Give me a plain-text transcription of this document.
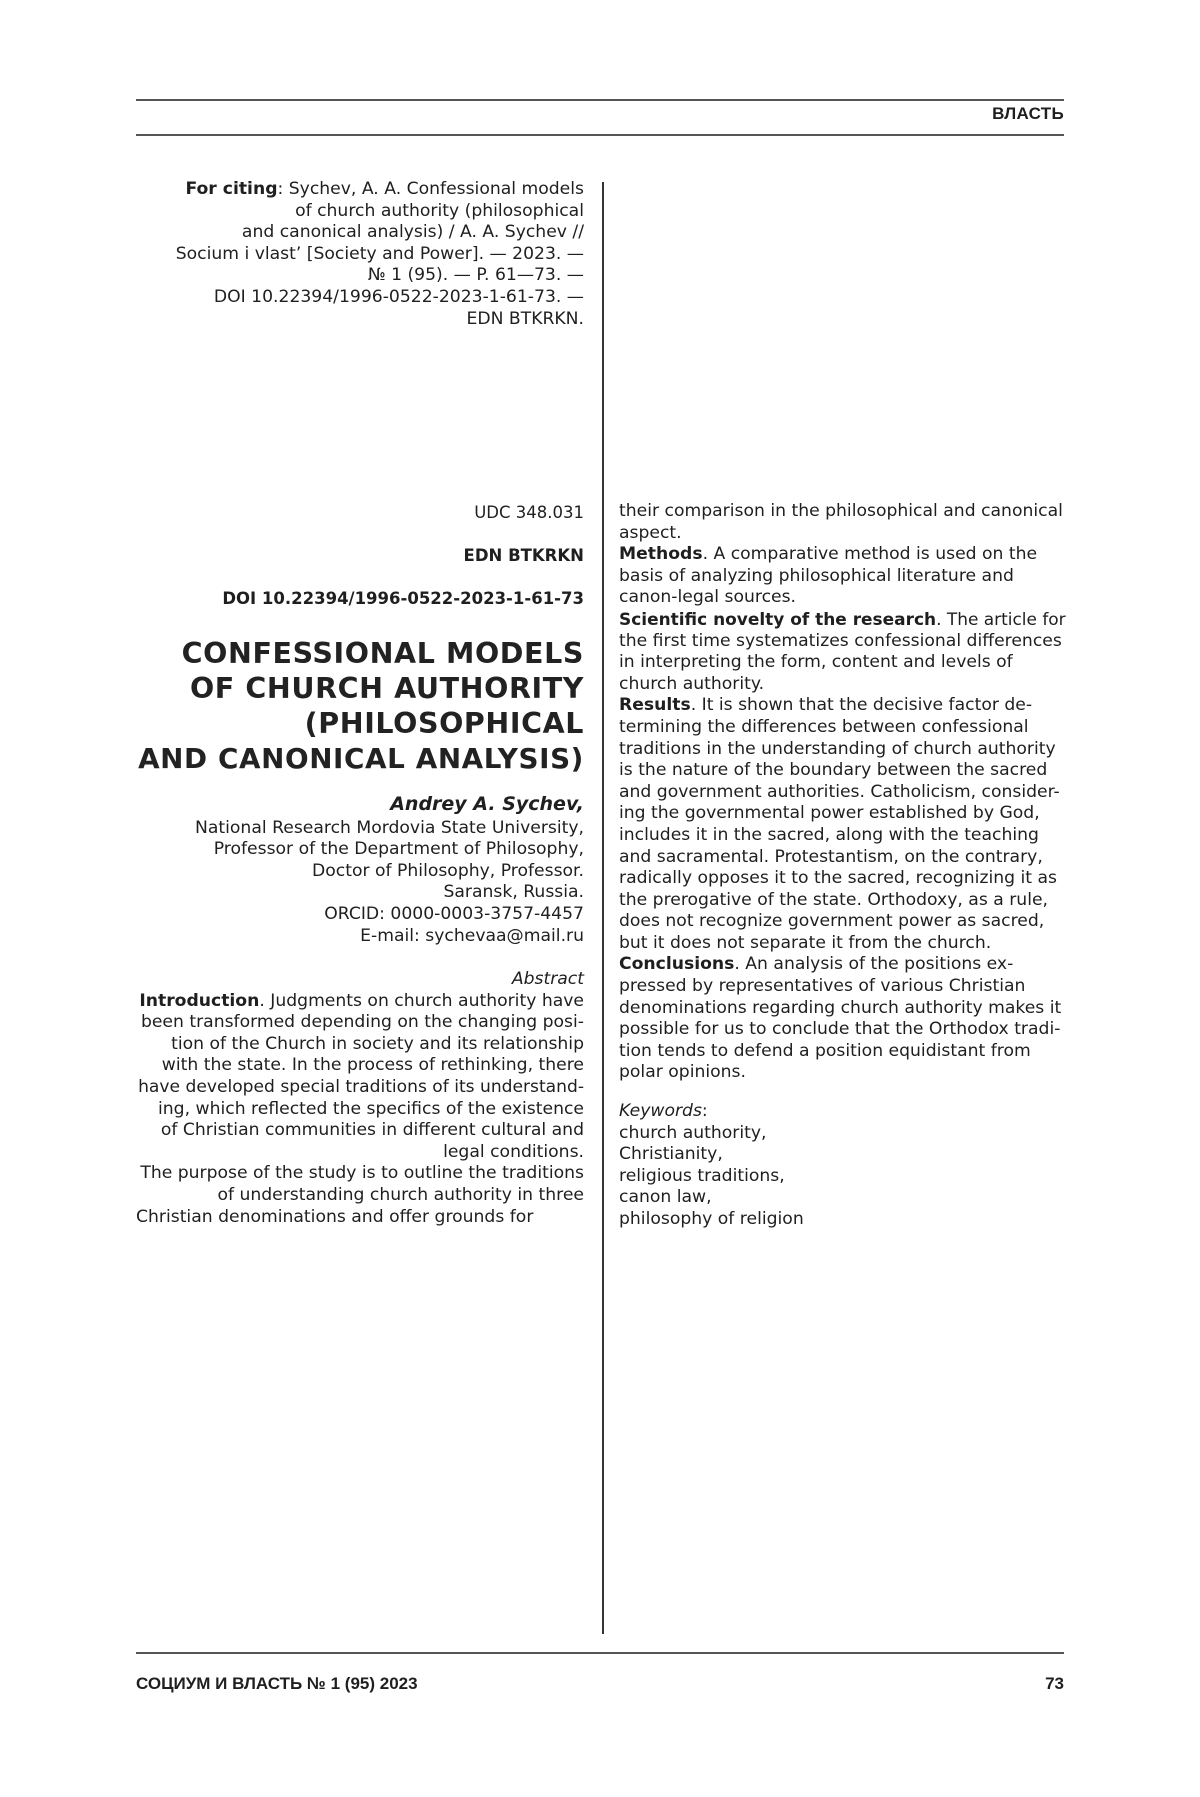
ВЛАСТЬ
For citing: Sychev, A. A. Confessional models
of church authority (philosophical
and canonical analysis) / A. A. Sychev //
Socium i vlast’ [Society and Power]. — 2023. —
№ 1 (95). — P. 61—73. —
DOI 10.22394/1996-0522-2023-1-61-73. —
EDN BTKRKN.
UDC 348.031
EDN BTKRKN
DOI 10.22394/1996-0522-2023-1-61-73
CONFESSIONAL MODELS
OF CHURCH AUTHORITY
(PHILOSOPHICAL
AND CANONICAL ANALYSIS)
Andrey A. Sychev,
National Research Mordovia State University,
Professor of the Department of Philosophy,
Doctor of Philosophy, Professor.
Saransk, Russia.
ORCID: 0000-0003-3757-4457
E-mail: sychevaa@mail.ru
Abstract
Introduction. Judgments on church authority have
been transformed depending on the changing posi-
tion of the Church in society and its relationship
with the state. In the process of rethinking, there
have developed special traditions of its understand-
ing, which reflected the specifics of the existence
of Christian communities in different cultural and
legal conditions.
The purpose of the study is to outline the traditions
of understanding church authority in three
Christian denominations and offer grounds for
their comparison in the philosophical and canonical
aspect.
Methods. A comparative method is used on the
basis of analyzing philosophical literature and
canon-legal sources.
Scientific novelty of the research. The article for
the first time systematizes confessional differences
in interpreting the form, content and levels of
church authority.
Results. It is shown that the decisive factor de-
termining the differences between confessional
traditions in the understanding of church authority
is the nature of the boundary between the sacred
and government authorities. Catholicism, consider-
ing the governmental power established by God,
includes it in the sacred, along with the teaching
and sacramental. Protestantism, on the contrary,
radically opposes it to the sacred, recognizing it as
the prerogative of the state. Orthodoxy, as a rule,
does not recognize government power as sacred,
but it does not separate it from the church.
Conclusions. An analysis of the positions ex-
pressed by representatives of various Christian
denominations regarding church authority makes it
possible for us to conclude that the Orthodox tradi-
tion tends to defend a position equidistant from
polar opinions.
Keywords:
church authority,
Christianity,
religious traditions,
canon law,
philosophy of religion
СОЦИУМ И ВЛАСТЬ № 1 (95) 2023	73
